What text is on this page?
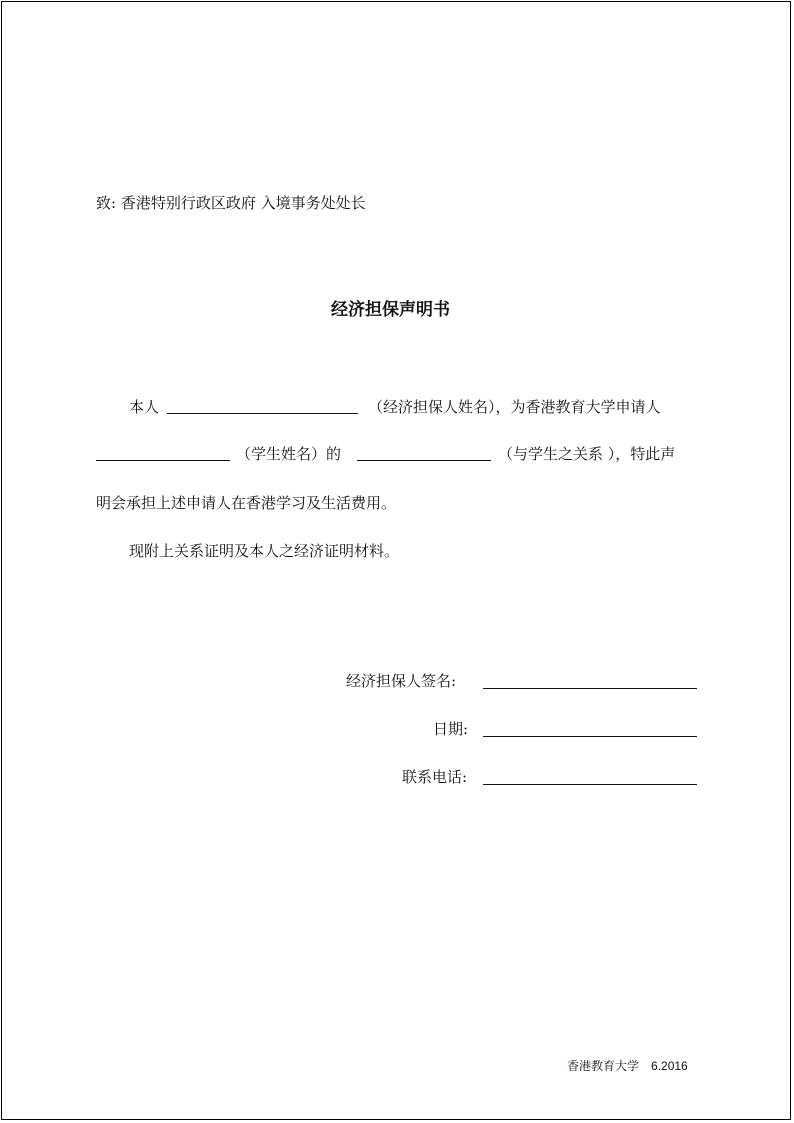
致: 香港特别行政区政府 入境事务处处长
经济担保声明书
本人	（经济担保人姓名），为香港教育大学申请人
（学生姓名）的	（与学生之关系 ），特此声
明会承担上述申请人在香港学习及生活费用。
现附上关系证明及本人之经济证明材料。
经济担保人签名:
日期:
联系电话:
香港教育大学 6.2016
